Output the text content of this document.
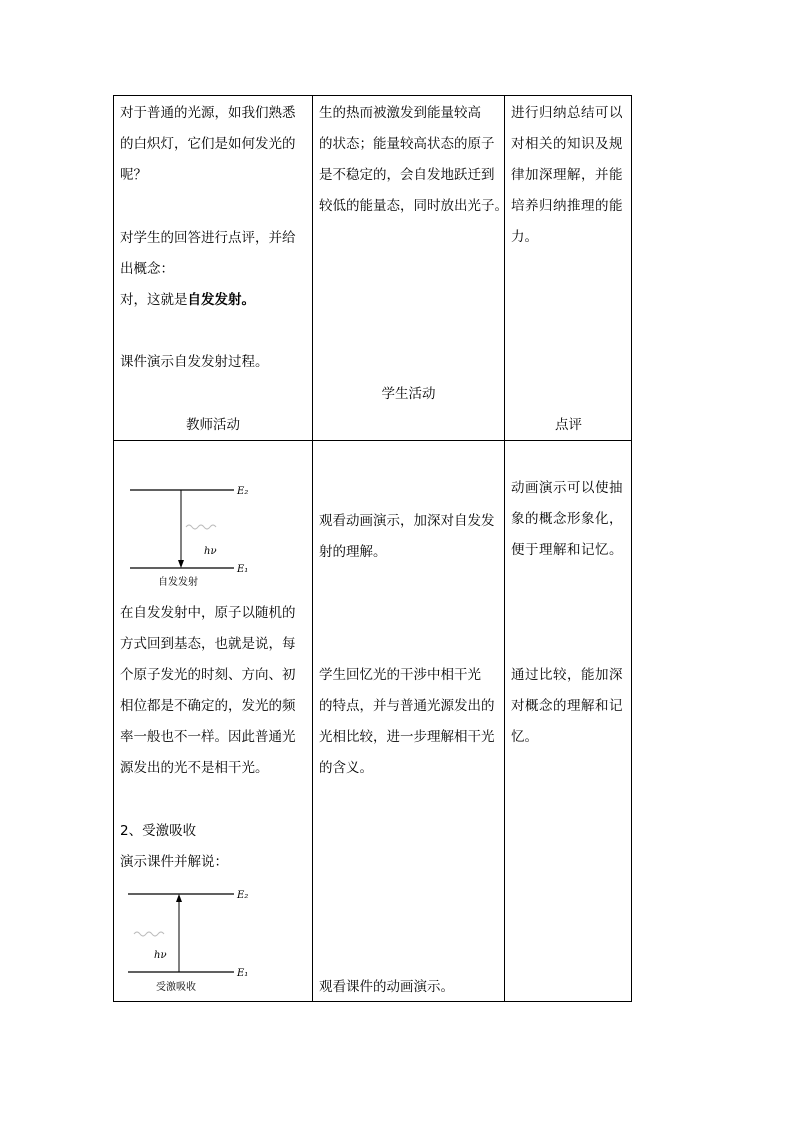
对于普通的光源，如我们熟悉
的白炽灯，它们是如何发光的
呢？
对学生的回答进行点评，并给
出概念：
对，这就是自发发射。
课件演示自发发射过程。
教师活动
生的热而被激发到能量较高
的状态；能量较高状态的原子
是不稳定的，会自发地跃迁到
较低的能量态，同时放出光子。
学生活动
进行归纳总结可以
对相关的知识及规
律加深理解，并能
培养归纳推理的能
力。
点评
E₂
E₁
hν
自发发射
在自发发射中，原子以随机的
方式回到基态，也就是说，每
个原子发光的时刻、方向、初
相位都是不确定的，发光的频
率一般也不一样。因此普通光
源发出的光不是相干光。
2、受激吸收
演示课件并解说：
E₂
E₁
hν
受激吸收
观看动画演示，加深对自发发
射的理解。
学生回忆光的干涉中相干光
的特点，并与普通光源发出的
光相比较，进一步理解相干光
的含义。
观看课件的动画演示。
动画演示可以使抽
象的概念形象化，
便于理解和记忆。
通过比较，能加深
对概念的理解和记
忆。
